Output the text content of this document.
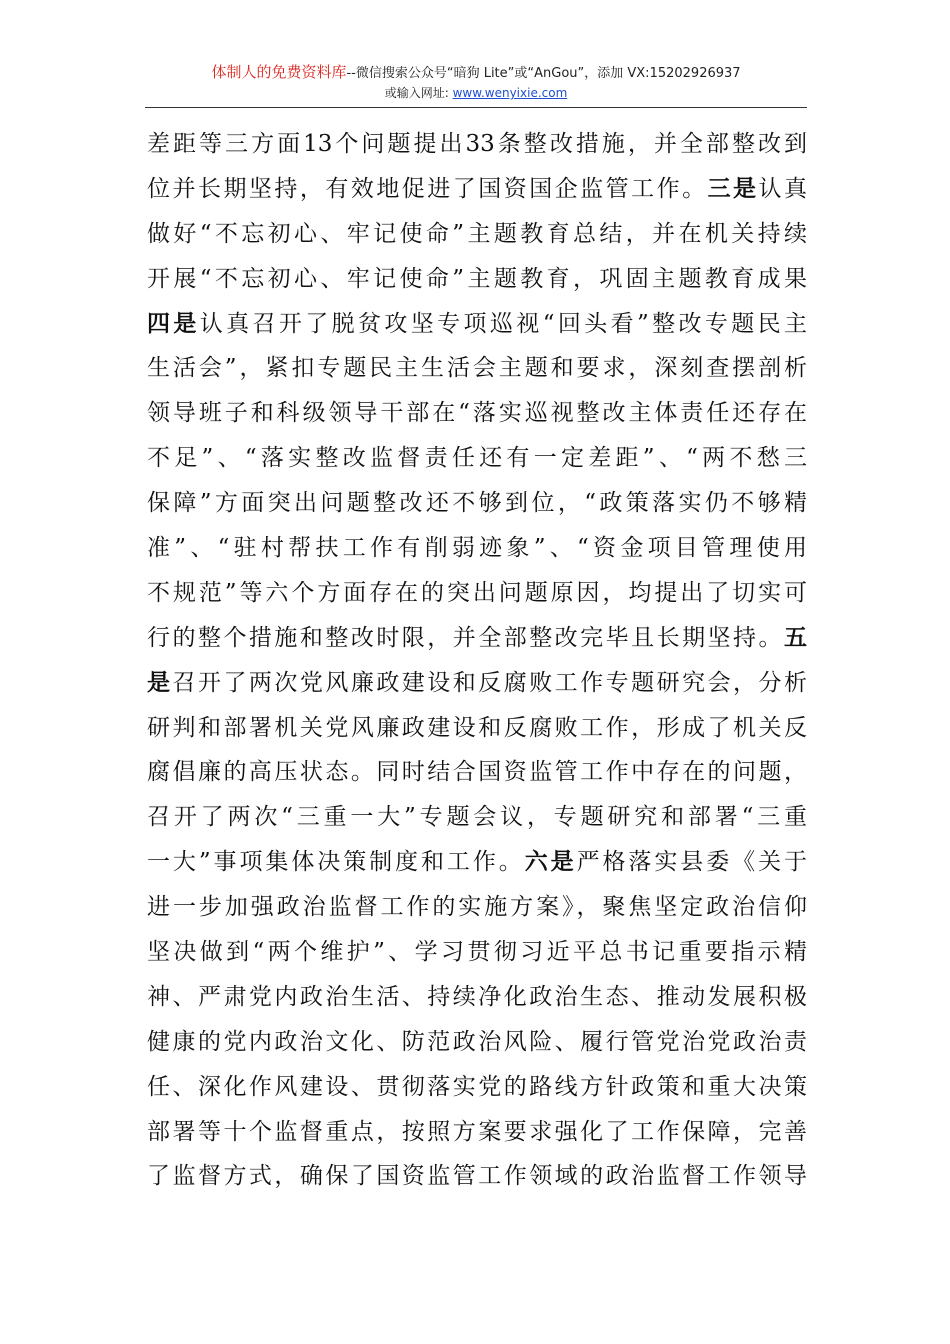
体制人的免费资料库--微信搜索公众号“暗狗 Lite”或“AnGou”，添加 VX:15202926937
或输入网址: www.wenyixie.com
差距等三方面13个问题提出33条整改措施，并全部整改到
位并长期坚持，有效地促进了国资国企监管工作。三是认真
做好“不忘初心、牢记使命”主题教育总结，并在机关持续
开展“不忘初心、牢记使命”主题教育，巩固主题教育成果
四是认真召开了脱贫攻坚专项巡视“回头看”整改专题民主
生活会”，紧扣专题民主生活会主题和要求，深刻查摆剖析
领导班子和科级领导干部在“落实巡视整改主体责任还存在
不足”、“落实整改监督责任还有一定差距”、“两不愁三
保障”方面突出问题整改还不够到位，“政策落实仍不够精
准”、“驻村帮扶工作有削弱迹象”、“资金项目管理使用
不规范”等六个方面存在的突出问题原因，均提出了切实可
行的整个措施和整改时限，并全部整改完毕且长期坚持。五
是召开了两次党风廉政建设和反腐败工作专题研究会，分析
研判和部署机关党风廉政建设和反腐败工作，形成了机关反
腐倡廉的高压状态。同时结合国资监管工作中存在的问题，
召开了两次“三重一大”专题会议，专题研究和部署“三重
一大”事项集体决策制度和工作。六是严格落实县委《关于
进一步加强政治监督工作的实施方案》，聚焦坚定政治信仰
坚决做到“两个维护”、学习贯彻习近平总书记重要指示精
神、严肃党内政治生活、持续净化政治生态、推动发展积极
健康的党内政治文化、防范政治风险、履行管党治党政治责
任、深化作风建设、贯彻落实党的路线方针政策和重大决策
部署等十个监督重点，按照方案要求强化了工作保障，完善
了监督方式，确保了国资监管工作领域的政治监督工作领导
